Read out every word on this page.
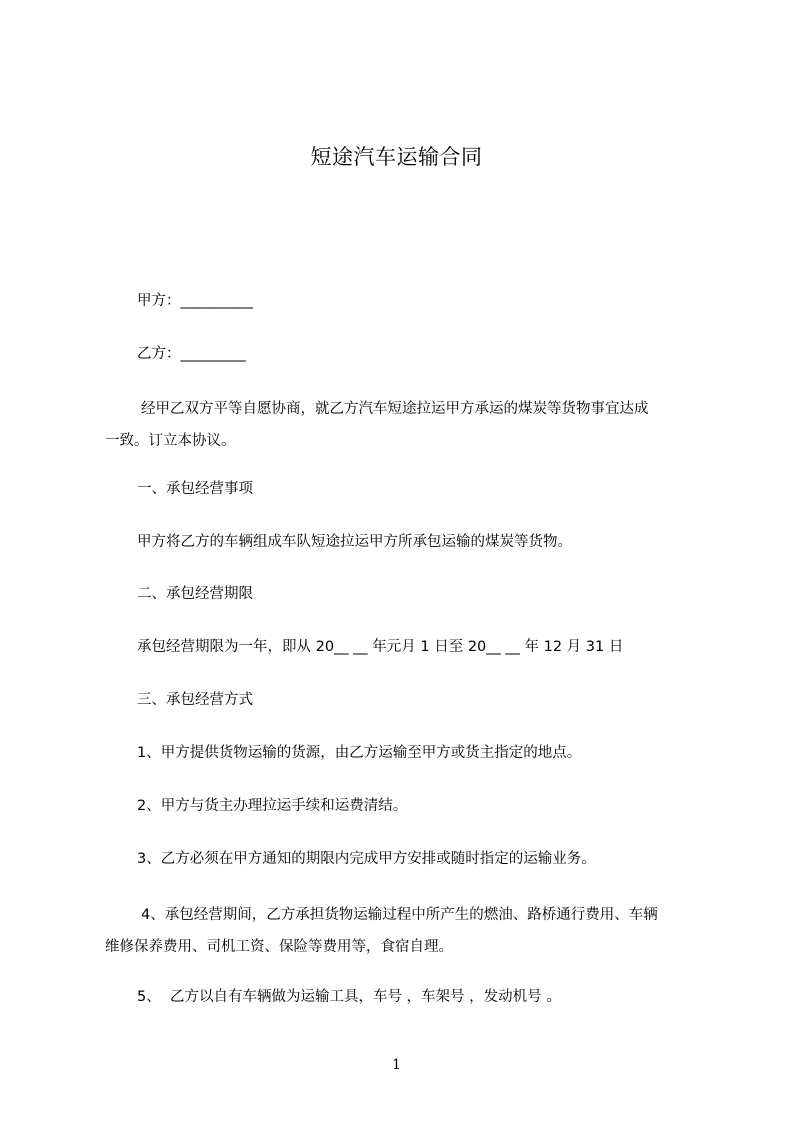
短途汽车运输合同
甲方：__________
乙方：_________
经甲乙双方平等自愿协商，就乙方汽车短途拉运甲方承运的煤炭等货物事宜达成
一致。订立本协议。
一、承包经营事项
甲方将乙方的车辆组成车队短途拉运甲方所承包运输的煤炭等货物。
二、承包经营期限
承包经营期限为一年，即从 20__ __ 年元月 1 日至 20__ __ 年 12 月 31 日
三、承包经营方式
1、甲方提供货物运输的货源，由乙方运输至甲方或货主指定的地点。
2、甲方与货主办理拉运手续和运费清结。
3、乙方必须在甲方通知的期限内完成甲方安排或随时指定的运输业务。
4、承包经营期间，乙方承担货物运输过程中所产生的燃油、路桥通行费用、车辆
维修保养费用、司机工资、保险等费用等，食宿自理。
5、  乙方以自有车辆做为运输工具，车号 ，车架号 ，发动机号 。
1
